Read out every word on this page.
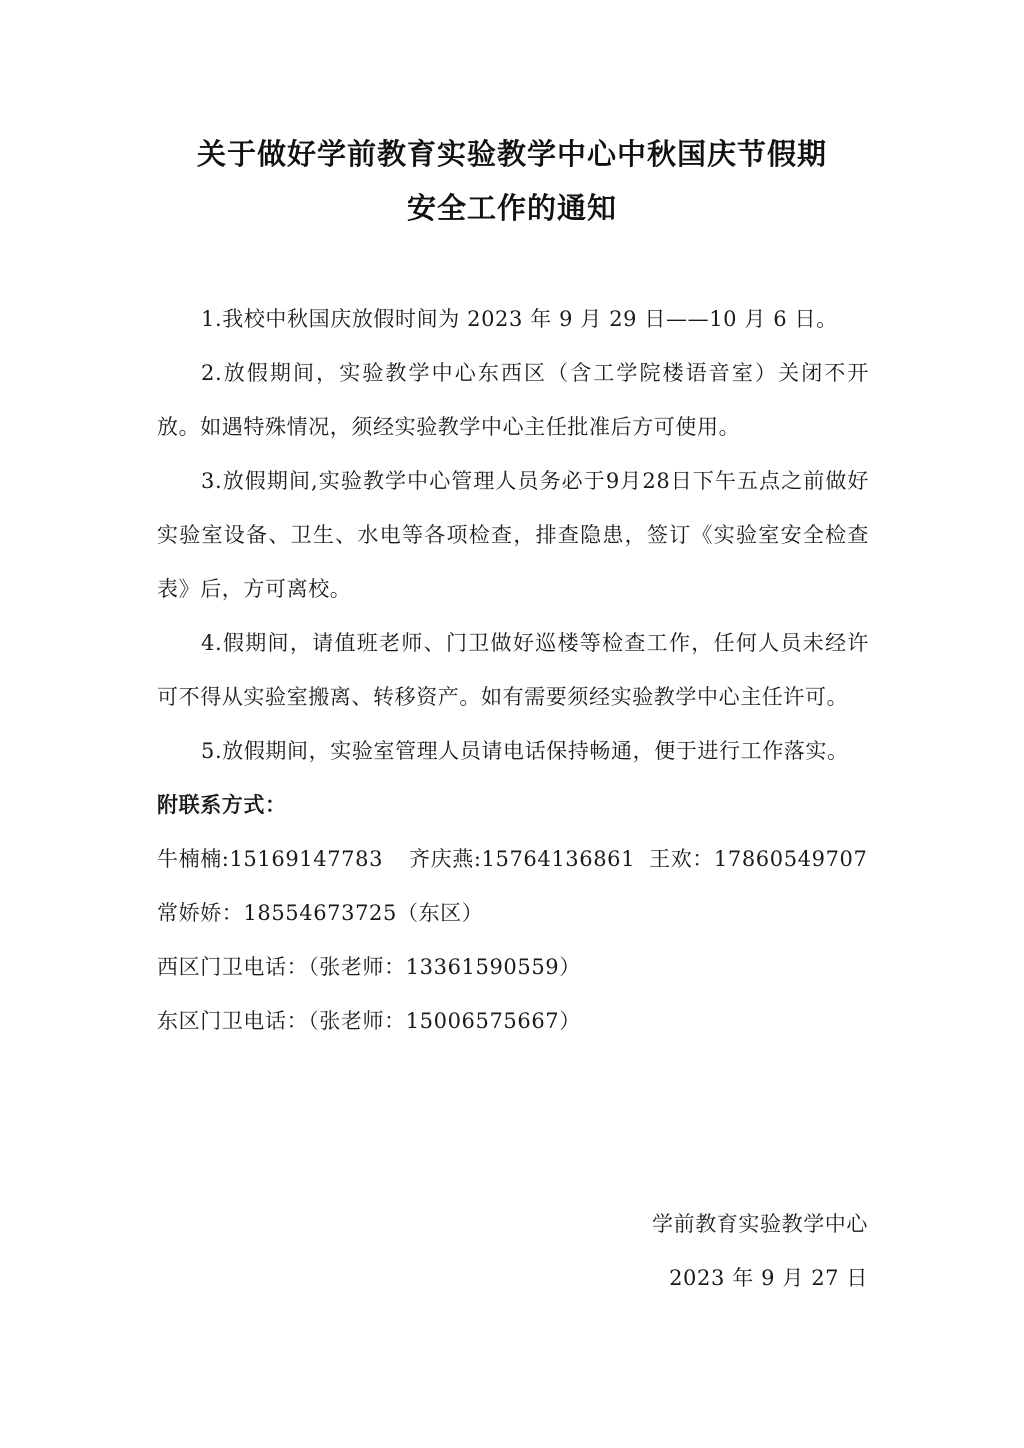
关于做好学前教育实验教学中心中秋国庆节假期
安全工作的通知

1.我校中秋国庆放假时间为 2023 年 9 月 29 日——10 月 6 日。

2.放假期间，实验教学中心东西区（含工学院楼语音室）关闭不开放。如遇特殊情况，须经实验教学中心主任批准后方可使用。

3.放假期间,实验教学中心管理人员务必于9月28日下午五点之前做好实验室设备、卫生、水电等各项检查，排查隐患，签订《实验室安全检查表》后，方可离校。

4.假期间，请值班老师、门卫做好巡楼等检查工作，任何人员未经许可不得从实验室搬离、转移资产。如有需要须经实验教学中心主任许可。

5.放假期间，实验室管理人员请电话保持畅通，便于进行工作落实。

附联系方式：

牛楠楠:15169147783 齐庆燕:15764136861 王欢：17860549707

常娇娇：18554673725（东区）

西区门卫电话：（张老师：13361590559）

东区门卫电话：（张老师：15006575667）

学前教育实验教学中心
2023 年 9 月 27 日
